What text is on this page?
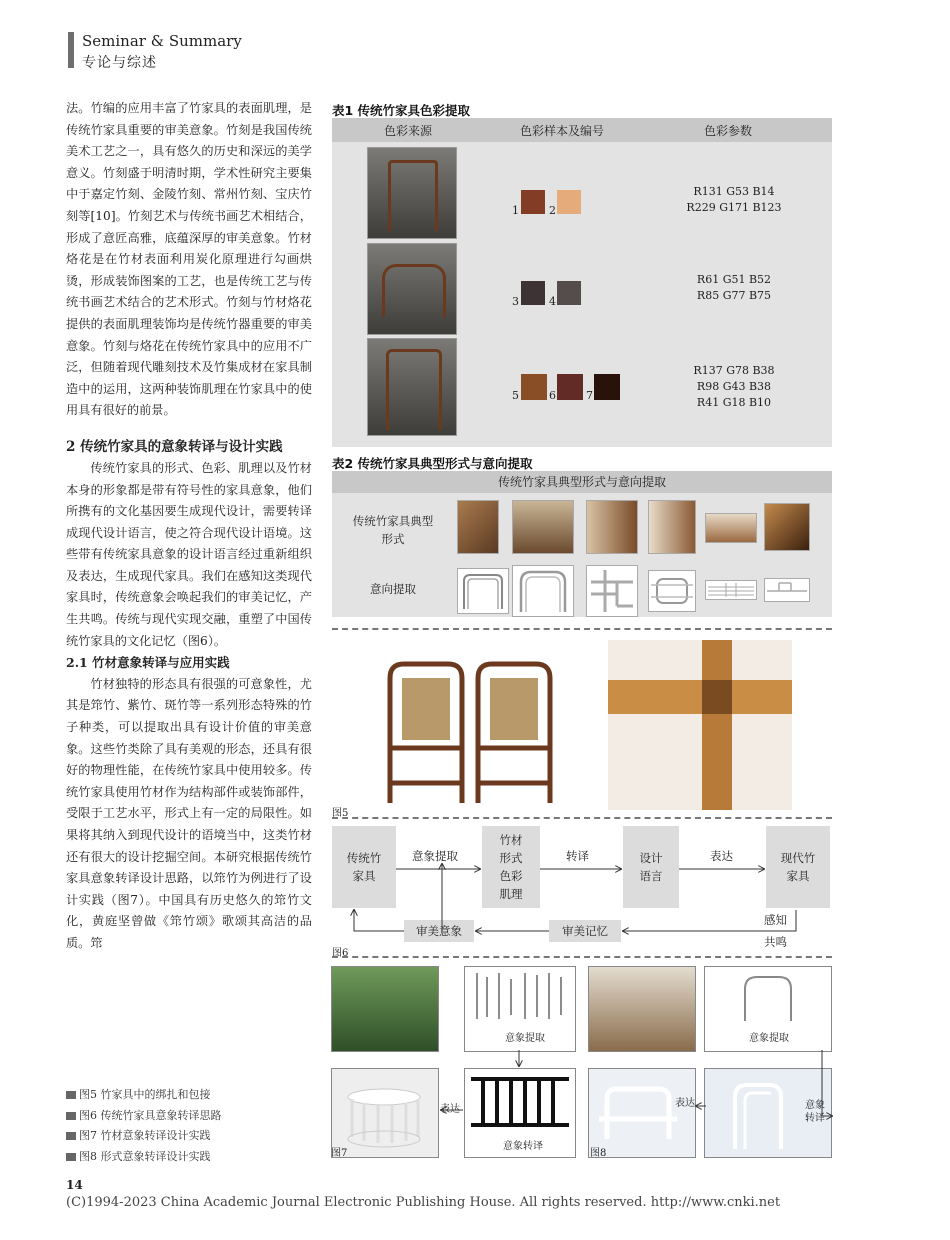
Seminar & Summary
专论与综述

法。竹编的应用丰富了竹家具的表面肌理，是传统竹家具重要的审美意象。竹刻是我国传统美术工艺之一，具有悠久的历史和深远的美学意义。竹刻盛于明清时期，学术性研究主要集中于嘉定竹刻、金陵竹刻、常州竹刻、宝庆竹刻等[10]。竹刻艺术与传统书画艺术相结合，形成了意匠高雅，底蕴深厚的审美意象。竹材烙花是在竹材表面利用炭化原理进行勾画烘烫，形成装饰图案的工艺，也是传统工艺与传统书画艺术结合的艺术形式。竹刻与竹材烙花提供的表面肌理装饰均是传统竹器重要的审美意象。竹刻与烙花在传统竹家具中的应用不广泛，但随着现代雕刻技术及竹集成材在家具制造中的运用，这两种装饰肌理在竹家具中的使用具有很好的前景。

2 传统竹家具的意象转译与设计实践

传统竹家具的形式、色彩、肌理以及竹材本身的形象都是带有符号性的家具意象，他们所携有的文化基因要生成现代设计，需要转译成现代设计语言，使之符合现代设计语境。这些带有传统家具意象的设计语言经过重新组织及表达，生成现代家具。我们在感知这类现代家具时，传统意象会唤起我们的审美记忆，产生共鸣。传统与现代实现交融，重塑了中国传统竹家具的文化记忆（图6）。

2.1 竹材意象转译与应用实践

竹材独特的形态具有很强的可意象性，尤其是筇竹、紫竹、斑竹等一系列形态特殊的竹子种类，可以提取出具有设计价值的审美意象。这些竹类除了具有美观的形态，还具有很好的物理性能，在传统竹家具中使用较多。传统竹家具使用竹材作为结构部件或装饰部件，受限于工艺水平，形式上有一定的局限性。如果将其纳入到现代设计的语境当中，这类竹材还有很大的设计挖掘空间。本研究根据传统竹家具意象转译设计思路，以筇竹为例进行了设计实践（图7）。中国具有历史悠久的筇竹文化，黄庭坚曾做《筇竹颂》歌颂其高洁的品质。筇

图5 竹家具中的绑扎和包接
图6 传统竹家具意象转译思路
图7 竹材意象转译设计实践
图8 形式意象转译设计实践
表1 传统竹家具色彩提取
色彩来源	色彩样本及编号	色彩参数
1	2
R131 G53 B14
R229 G171 B123
3	4
R61 G51 B52
R85 G77 B75
5	6	7
R137 G78 B38
R98 G43 B38
R41 G18 B10
表2 传统竹家具典型形式与意向提取
传统竹家具典型形式与意向提取
传统竹家具典型形式
意向提取
图5
传统竹家具
竹材形式色彩肌理
设计语言
现代竹家具
审美意象	审美记忆
意象提取	转译	表达
感知
共鸣
图6
意象提取
意象转译
表达
图7
意象提取
意象转译
表达
图8
14
(C)1994-2023 China Academic Journal Electronic Publishing House. All rights reserved. http://www.cnki.net
